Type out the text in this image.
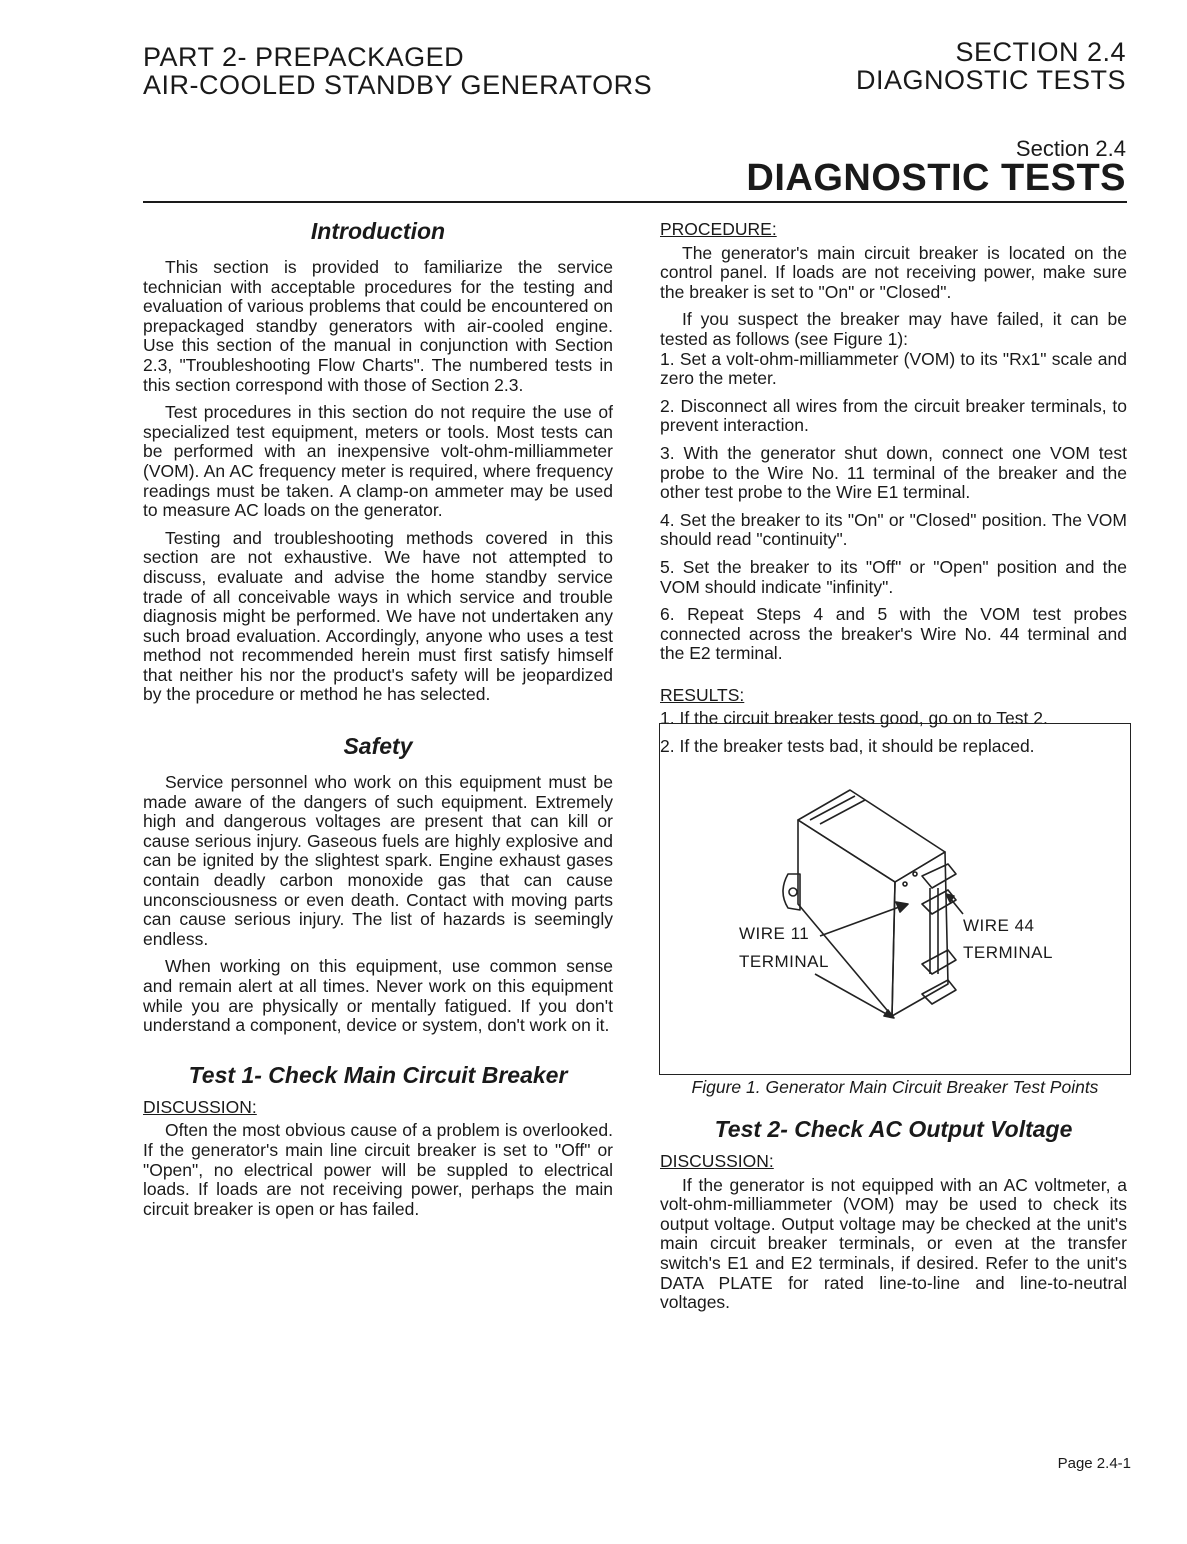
PART 2- PREPACKAGED
AIR-COOLED STANDBY GENERATORS
SECTION 2.4
DIAGNOSTIC TESTS
Section 2.4
DIAGNOSTIC TESTS
Introduction

This section is provided to familiarize the service technician with acceptable procedures for the testing and evaluation of various problems that could be encountered on prepackaged standby generators with air-cooled engine. Use this section of the manual in conjunction with Section 2.3, "Troubleshooting Flow Charts". The numbered tests in this section correspond with those of Section 2.3.

Test procedures in this section do not require the use of specialized test equipment, meters or tools. Most tests can be performed with an inexpensive volt-ohm-milliammeter (VOM). An AC frequency meter is required, where frequency readings must be taken. A clamp-on ammeter may be used to measure AC loads on the generator.

Testing and troubleshooting methods covered in this section are not exhaustive. We have not attempted to discuss, evaluate and advise the home standby service trade of all conceivable ways in which service and trouble diagnosis might be performed. We have not undertaken any such broad evaluation. Accordingly, anyone who uses a test method not recommended herein must first satisfy himself that neither his nor the product's safety will be jeopardized by the procedure or method he has selected.

Safety

Service personnel who work on this equipment must be made aware of the dangers of such equipment. Extremely high and dangerous voltages are present that can kill or cause serious injury. Gaseous fuels are highly explosive and can be ignited by the slightest spark. Engine exhaust gases contain deadly carbon monoxide gas that can cause unconsciousness or even death. Contact with moving parts can cause serious injury. The list of hazards is seemingly endless.

When working on this equipment, use common sense and remain alert at all times. Never work on this equipment while you are physically or mentally fatigued. If you don't understand a component, device or system, don't work on it.

Test 1- Check Main Circuit Breaker
DISCUSSION:

Often the most obvious cause of a problem is overlooked. If the generator's main line circuit breaker is set to "Off" or "Open", no electrical power will be suppled to electrical loads. If loads are not receiving power, perhaps the main circuit breaker is open or has failed.

PROCEDURE:

The generator's main circuit breaker is located on the control panel. If loads are not receiving power, make sure the breaker is set to "On" or "Closed".

If you suspect the breaker may have failed, it can be tested as follows (see Figure 1):

1. Set a volt-ohm-milliammeter (VOM) to its "Rx1" scale and zero the meter.

2. Disconnect all wires from the circuit breaker terminals, to prevent interaction.

3. With the generator shut down, connect one VOM test probe to the Wire No. 11 terminal of the breaker and the other test probe to the Wire E1 terminal.

4. Set the breaker to its "On" or "Closed" position. The VOM should read "continuity".

5. Set the breaker to its "Off" or "Open" position and the VOM should indicate "infinity".

6. Repeat Steps 4 and 5 with the VOM test probes connected across the breaker's Wire No. 44 terminal and the E2 terminal.

RESULTS:

1. If the circuit breaker tests good, go on to Test 2.

2. If the breaker tests bad, it should be replaced.

WIRE 11
TERMINAL
WIRE 44
TERMINAL
Figure 1. Generator Main Circuit Breaker Test Points
Test 2- Check AC Output Voltage
DISCUSSION:

If the generator is not equipped with an AC voltmeter, a volt-ohm-milliammeter (VOM) may be used to check its output voltage. Output voltage may be checked at the unit's main circuit breaker terminals, or even at the transfer switch's E1 and E2 terminals, if desired. Refer to the unit's DATA PLATE for rated line-to-line and line-to-neutral voltages.

Page 2.4-1
